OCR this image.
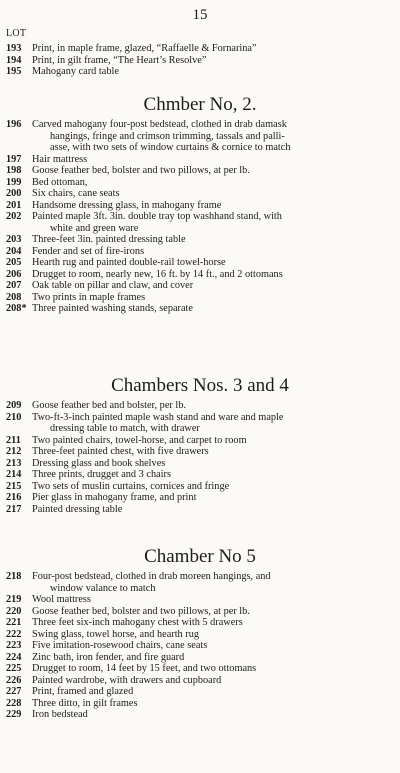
15
LOT
193	Print, in maple frame, glazed, “Raffaelle & Fornarina”
194	Print, in gilt frame, “The Heart’s Resolve”
195	Mahogany card table
Chmber No, 2.
196	Carved mahogany four-post bedstead, clothed in drab damask
hangings, fringe and crimson trimming, tassals and palli-
asse, with two sets of window curtains & cornice to match
197	Hair mattress
198	Goose feather bed, bolster and two pillows, at per lb.
199	Bed ottoman,
200	Six chairs, cane seats
201	Handsome dressing glass, in mahogany frame
202	Painted maple 3ft. 3in. double tray top washhand stand, with
white and green ware
203	Three-feet 3in. painted dressing table
204	Fender and set of fire-irons
205	Hearth rug and painted double-rail towel-horse
206	Drugget to room, nearly new, 16 ft. by 14 ft., and 2 ottomans
207	Oak table on pillar and claw, and cover
208	Two prints in maple frames
208* Three painted washing stands, separate
Chambers Nos. 3 and 4
209	Goose feather bed and bolster, per lb.
210	Two-ft-3-inch painted maple wash stand and ware and maple
dressing table to match, with drawer
211	Two painted chairs, towel-horse, and carpet to room
212	Three-feet painted chest, with five drawers
213	Dressing glass and book shelves
214	Three prints, drugget and 3 chairs
215	Two sets of muslin curtains, cornices and fringe
216	Pier glass in mahogany frame, and print
217	Painted dressing table
Chamber No 5
218	Four-post bedstead, clothed in drab moreen hangings, and
window valance to match
219	Wool mattress
220	Goose feather bed, bolster and two pillows, at per lb.
221	Three feet six-inch mahogany chest with 5 drawers
222	Swing glass, towel horse, and hearth rug
223	Five imitation-rosewood chairs, cane seats
224	Zinc bath, iron fender, and fire guard
225	Drugget to room, 14 feet by 15 feet, and two ottomans
226	Painted wardrobe, with drawers and cupboard
227	Print, framed and glazed
228	Three ditto, in gilt frames
229	Iron bedstead
